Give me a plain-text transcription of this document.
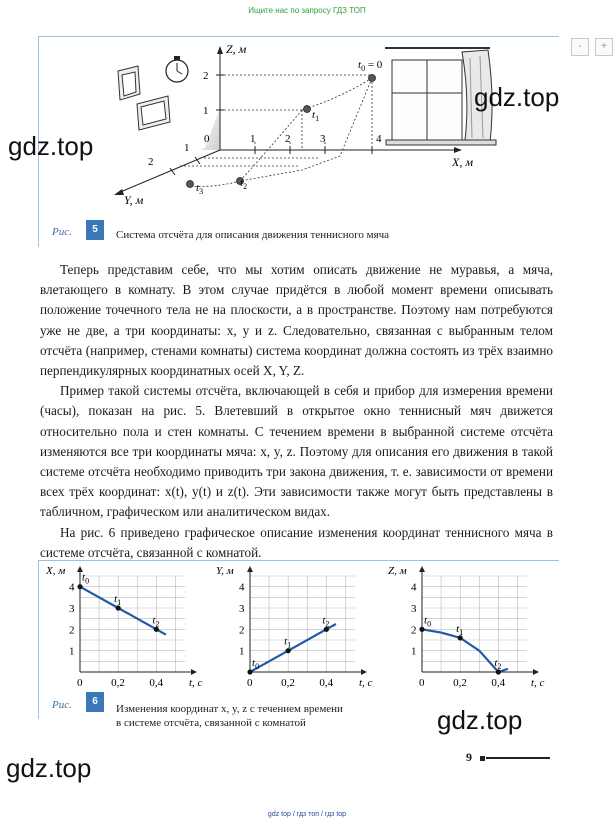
Ищите нас по запросу ГДЗ ТОП
gdz top / гдз топ / гдз top
-	+
Z, м
X, м
Y, м
0
2
1
1	2	3	4
1
2
$t_0 = 0$
$t_1$
$t_2$
$t_3$
Рис.	5	Система отсчёта для описания движения теннисного мяча
gdz.top
gdz.top
gdz.top
gdz.top

Теперь представим себе, что мы хотим описать движение не муравья, а мяча, влетающего в комнату. В этом случае придётся в любой момент времени описывать положение точечного тела не на плоскости, а в пространстве. Поэтому нам потребуются уже не две, а три координаты: x, y и z. Следовательно, связанная с выбранным телом отсчёта (например, стенами комнаты) система координат должна состоять из трёх взаимно перпендикулярных координатных осей X, Y, Z.

Пример такой системы отсчёта, включающей в себя и прибор для измерения времени (часы), показан на рис. 5. Влетевший в открытое окно теннисный мяч движется относительно пола и стен комнаты. С течением времени в выбранной системе отсчёта изменяются все три координаты мяча: x, y, z. Поэтому для описания его движения в такой системе отсчёта необходимо приводить три закона движения, т. е. зависимости от времени всех трёх координат: x(t), y(t) и z(t). Эти зависимости также могут быть представлены в табличном, графическом или аналитическом видах.

На рис. 6 приведено графическое описание изменения координат теннисного мяча в системе отсчёта, связанной с комнатой.

0	0,2 0,4
1
2
3
4
X, м
t, с
$t_0$
$t_1$
$t_2$
0	0,2 0,4
1
2
3
4
Y, м
t, с
$t_0$
$t_1$
$t_2$
0	0,2 0,4
1
2
3
4
Z, м
t, с
$t_0$ $t_1$
$t_2$
Рис.	6
Изменения координат x, y, z с течением времени
в системе отсчёта, связанной с комнатой
9
